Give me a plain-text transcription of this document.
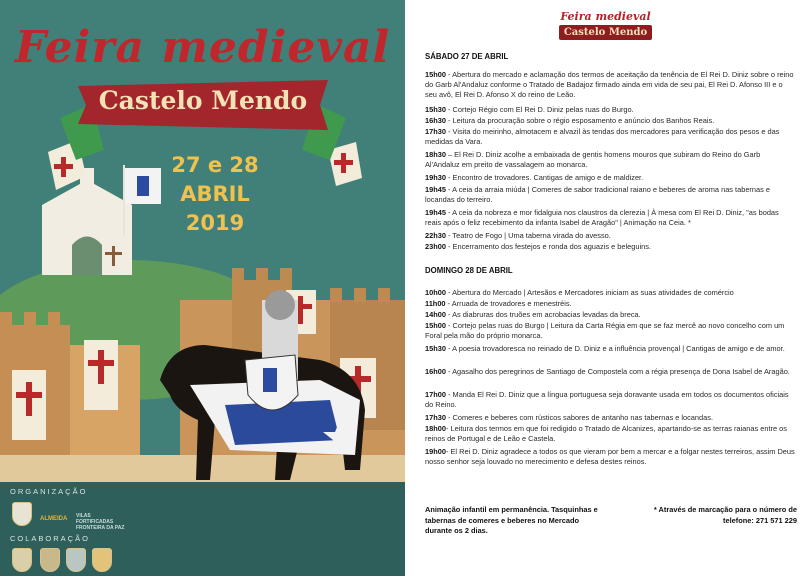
Feira medieval
Castelo Mendo
27 e 28
ABRIL
2019
ORGANIZAÇÃO
ALMEIDA VILAS FORTIFICADAS FRONTEIRA DA PAZ
COLABORAÇÃO
Feira medieval
Castelo Mendo
SÁBADO 27 DE ABRIL
15h00 - Abertura do mercado e aclamação dos termos de aceitação da tenência de El Rei D. Diniz sobre o reino do Garb Al'Andaluz conforme o Tratado de Badajoz firmado ainda em vida de seu pai, El Rei D. Afonso III e o seu avô, El Rei D. Afonso X do reino de Leão.
15h30 - Cortejo Régio com El Rei D. Diniz pelas ruas do Burgo.
16h30 - Leitura da procuração sobre o régio esposamento e anúncio dos Banhos Reais.
17h30 - Visita do meirinho, almotacem e alvazil às tendas dos mercadores para verificação dos pesos e das medidas da Vara.
18h30 – El Rei D. Diniz acolhe a embaixada de gentis homens mouros que subiram do Reino do Garb Al'Andaluz em preito de vassalagem ao monarca.
19h30 - Encontro de trovadores. Cantigas de amigo e de maldizer.
19h45 - A ceia da arraia miúda | Comeres de sabor tradicional raiano e beberes de aroma nas tabernas e locandas do terreiro.
19h45 - A ceia da nobreza e mor fidalguia nos claustros da clerezia | À mesa com El Rei D. Diniz, "as bodas reais após o feliz recebimento da infanta Isabel de Aragão" | Animação na Ceia. *
22h30 - Teatro de Fogo | Uma taberna virada do avesso.
23h00 - Encerramento dos festejos e ronda dos aguazis e beleguins.
DOMINGO 28 DE ABRIL
10h00 - Abertura do Mercado | Artesãos e Mercadores iniciam as suas atividades de comércio
11h00 - Arruada de trovadores e menestréis.
14h00 - As diabruras dos truões em acrobacias levadas da breca.
15h00 - Cortejo pelas ruas do Burgo | Leitura da Carta Régia em que se faz mercê ao novo concelho com um Foral pela mão do próprio monarca.
15h30 - A poesia trovadoresca no reinado de D. Diniz e a influência provençal | Cantigas de amigo e de amor.
16h00 - Agasalho dos peregrinos de Santiago de Compostela com a régia presença de Dona Isabel de Aragão.
17h00 - Manda El Rei D. Diniz que a língua portuguesa seja doravante usada em todos os documentos oficiais do Reino.
17h30 - Comeres e beberes com rústicos sabores de antanho nas tabernas e locandas.
18h00- Leitura dos termos em que foi redigido o Tratado de Alcanizes, apartando-se as terras raianas entre os reinos de Portugal e de Leão e Castela.
19h00- El Rei D. Diniz agradece a todos os que vieram por bem a mercar e a folgar nestes terreiros, assim Deus nosso senhor seja louvado no merecimento e defesa destes reinos.
Animação infantil em permanência. Tasquinhas e tabernas de comeres e beberes no Mercado durante os 2 dias.
* Através de marcação para o número de telefone: 271 571 229
